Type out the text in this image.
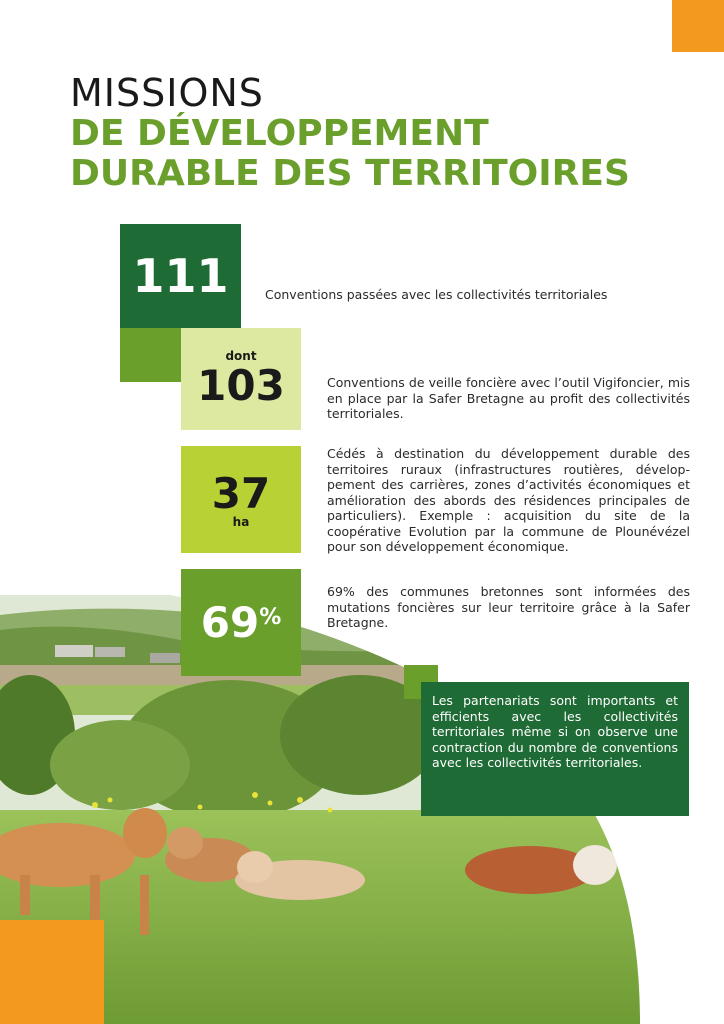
MISSIONS
DE DÉVELOPPEMENT
DURABLE DES TERRITOIRES
111	Conventions passées avec les collectivités territoriales
dont
103	Conventions de veille foncière avec l’outil Vigifoncier, mis en place par la Safer Bretagne au profit des collectivités territoriales.
37
ha
Cédés à destination du développement durable des territoires ruraux (infrastructures routières, dévelop-pement des carrières, zones d’activités économiques et amélioration des abords des résidences principales de particuliers). Exemple : acquisition du site de la coopérative Evolution par la commune de Plounévézel pour son développement économique.
69 %
69% des communes bretonnes sont informées des mutations foncières sur leur territoire grâce à la Safer Bretagne.
Les partenariats sont importants et efficients avec les collectivités territoriales même si on observe une contraction du nombre de conventions avec les collectivités territoriales.
